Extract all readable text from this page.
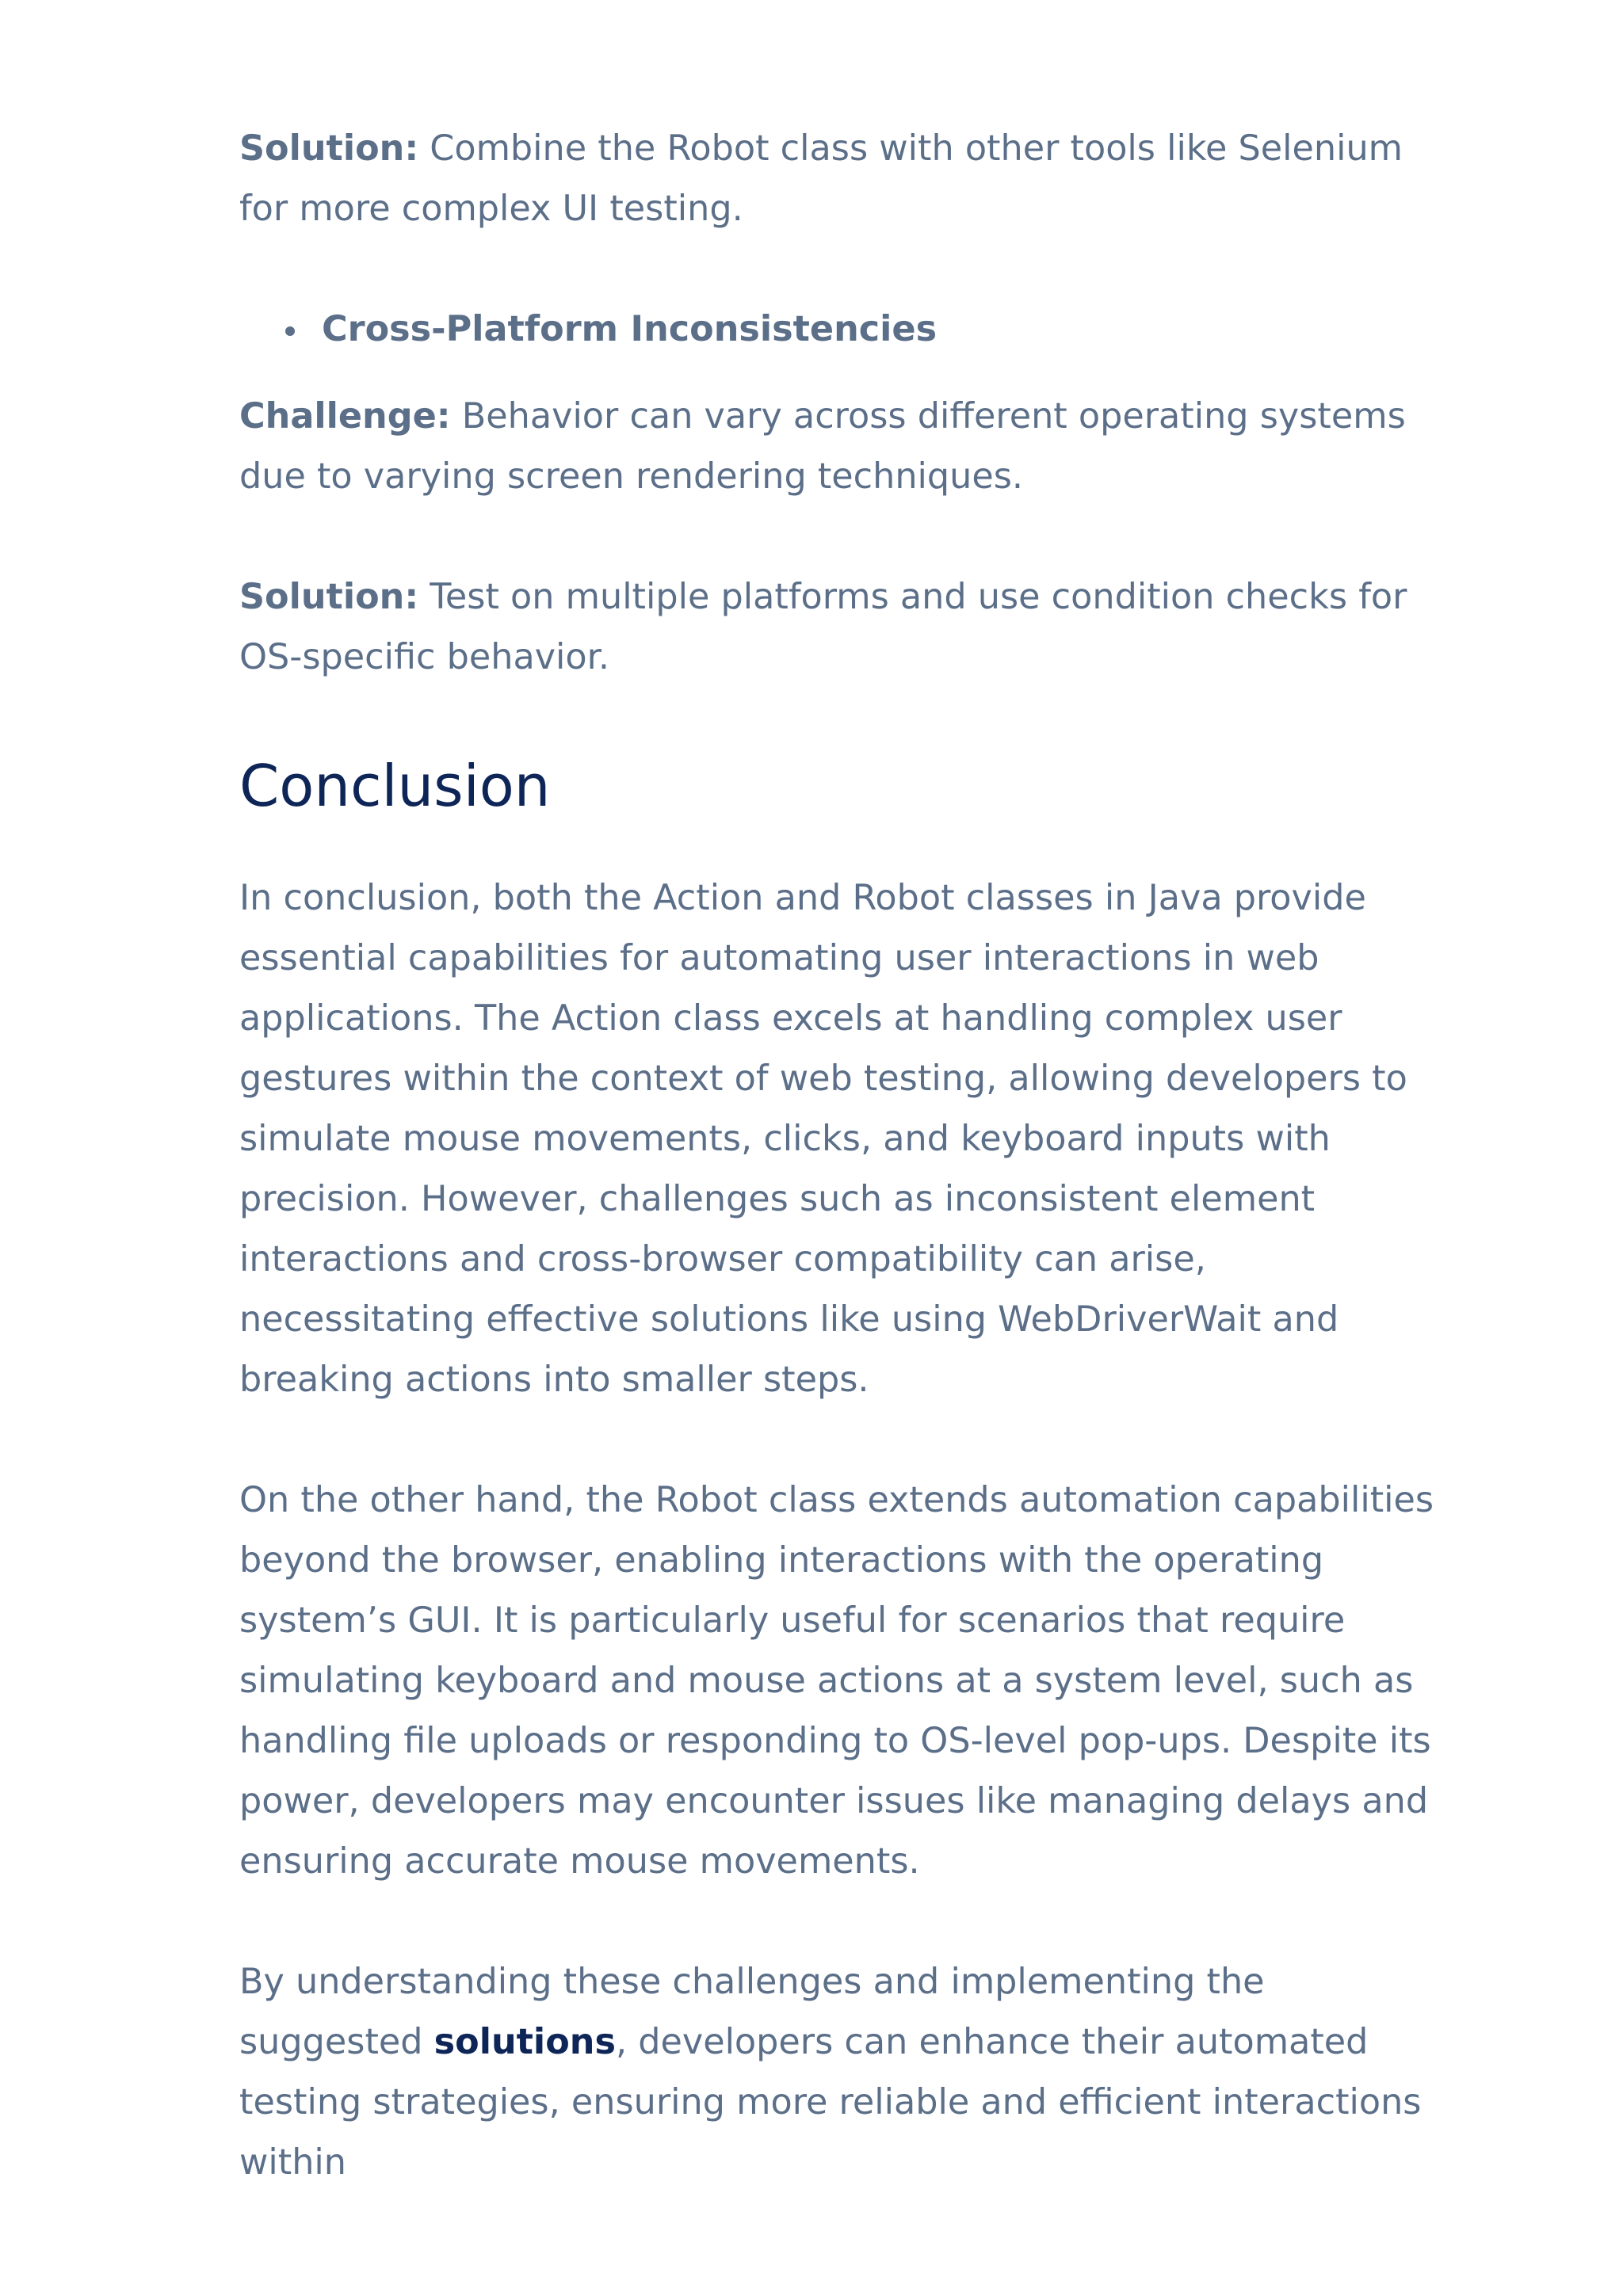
Solution: Combine the Robot class with other tools like Selenium for more complex UI testing.

Cross-Platform Inconsistencies

Challenge: Behavior can vary across different operating systems due to varying screen rendering techniques.

Solution: Test on multiple platforms and use condition checks for OS-specific behavior.

Conclusion

In conclusion, both the Action and Robot classes in Java provide essential capabilities for automating user interactions in web applications. The Action class excels at handling complex user gestures within the context of web testing, allowing developers to simulate mouse movements, clicks, and keyboard inputs with precision. However, challenges such as inconsistent element interactions and cross-browser compatibility can arise, necessitating effective solutions like using WebDriverWait and breaking actions into smaller steps.

On the other hand, the Robot class extends automation capabilities beyond the browser, enabling interactions with the operating system’s GUI. It is particularly useful for scenarios that require simulating keyboard and mouse actions at a system level, such as handling file uploads or responding to OS-level pop-ups. Despite its power, developers may encounter issues like managing delays and ensuring accurate mouse movements.

By understanding these challenges and implementing the suggested solutions, developers can enhance their automated testing strategies, ensuring more reliable and efficient interactions within
